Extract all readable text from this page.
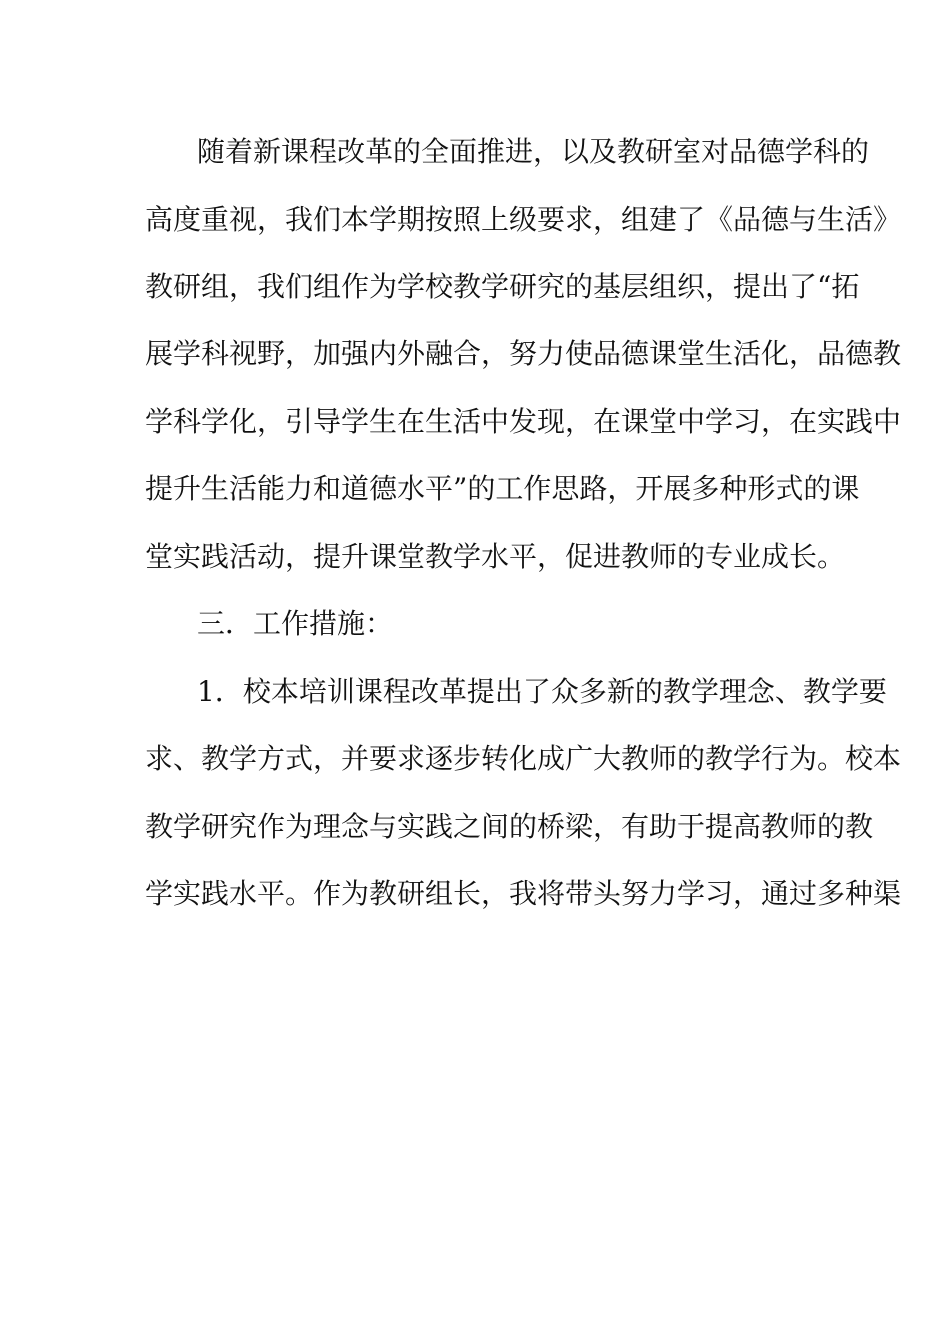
随着新课程改革的全面推进，以及教研室对品德学科的
高度重视，我们本学期按照上级要求，组建了《品德与生活》
教研组，我们组作为学校教学研究的基层组织，提出了“拓
展学科视野，加强内外融合，努力使品德课堂生活化，品德教
学科学化，引导学生在生活中发现，在课堂中学习，在实践中
提升生活能力和道德水平”的工作思路，开展多种形式的课
堂实践活动，提升课堂教学水平，促进教师的专业成长。
三．工作措施：
1．校本培训课程改革提出了众多新的教学理念、教学要
求、教学方式，并要求逐步转化成广大教师的教学行为。校本
教学研究作为理念与实践之间的桥梁，有助于提高教师的教
学实践水平。作为教研组长，我将带头努力学习，通过多种渠
